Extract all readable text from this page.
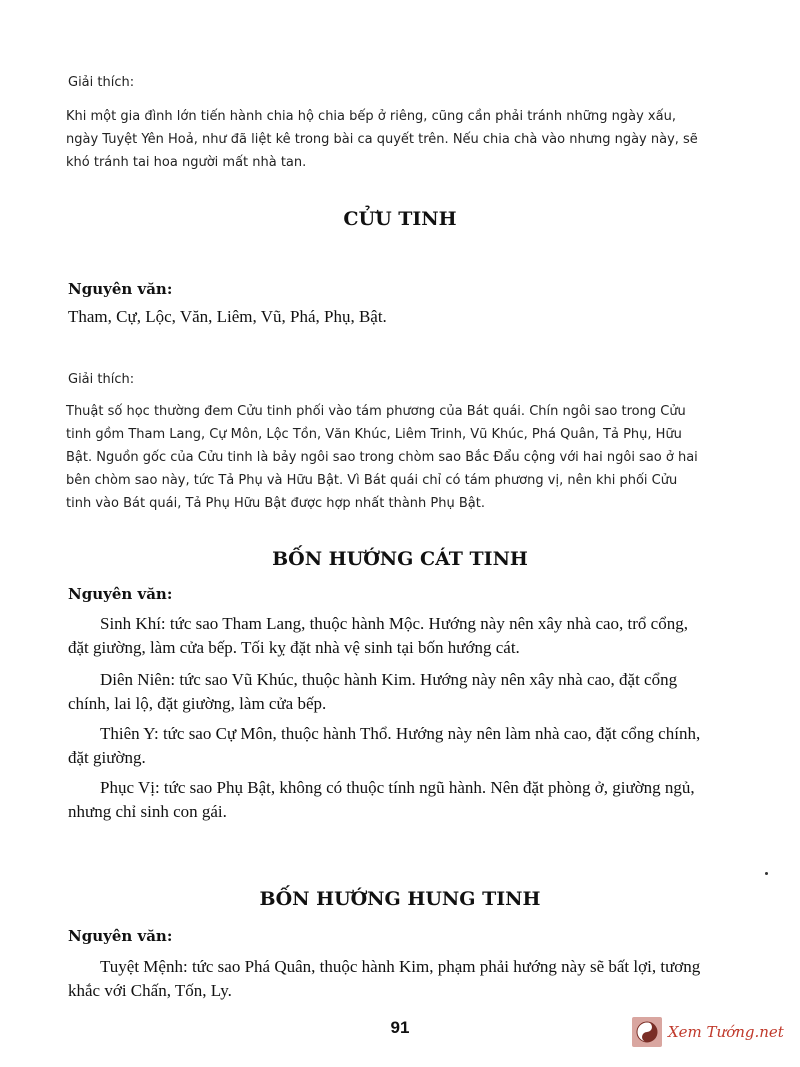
Giải thích:

Khi một gia đình lớn tiến hành chia hộ chia bếp ở riêng, cũng cần phải tránh những ngày xấu, ngày Tuyệt Yên Hoả, như đã liệt kê trong bài ca quyết trên. Nếu chia chà vào nhưng ngày này, sẽ khó tránh tai hoa người mất nhà tan.

CỬU TINH
Nguyên văn:

Tham, Cự, Lộc, Văn, Liêm, Vũ, Phá, Phụ, Bật.

Giải thích:

Thuật số học thường đem Cửu tinh phối vào tám phương của Bát quái. Chín ngôi sao trong Cửu tinh gồm Tham Lang, Cự Môn, Lộc Tồn, Văn Khúc, Liêm Trinh, Vũ Khúc, Phá Quân, Tả Phụ, Hữu Bật. Nguồn gốc của Cửu tinh là bảy ngôi sao trong chòm sao Bắc Đẩu cộng với hai ngôi sao ở hai bên chòm sao này, tức Tả Phụ và Hữu Bật. Vì Bát quái chỉ có tám phương vị, nên khi phối Cửu tinh vào Bát quái, Tả Phụ Hữu Bật được hợp nhất thành Phụ Bật.

BỐN HƯỚNG CÁT TINH
Nguyên văn:

Sinh Khí: tức sao Tham Lang, thuộc hành Mộc. Hướng này nên xây nhà cao, trổ cổng, đặt giường, làm cửa bếp. Tối kỵ đặt nhà vệ sinh tại bốn hướng cát.

Diên Niên: tức sao Vũ Khúc, thuộc hành Kim. Hướng này nên xây nhà cao, đặt cổng chính, lai lộ, đặt giường, làm cửa bếp.

Thiên Y: tức sao Cự Môn, thuộc hành Thổ. Hướng này nên làm nhà cao, đặt cổng chính, đặt giường.

Phục Vị: tức sao Phụ Bật, không có thuộc tính ngũ hành. Nên đặt phòng ở, giường ngủ, nhưng chỉ sinh con gái.

BỐN HƯỚNG HUNG TINH
Nguyên văn:

Tuyệt Mệnh: tức sao Phá Quân, thuộc hành Kim, phạm phải hướng này sẽ bất lợi, tương khắc với Chấn, Tốn, Ly.

91	Xem Tướng.net
